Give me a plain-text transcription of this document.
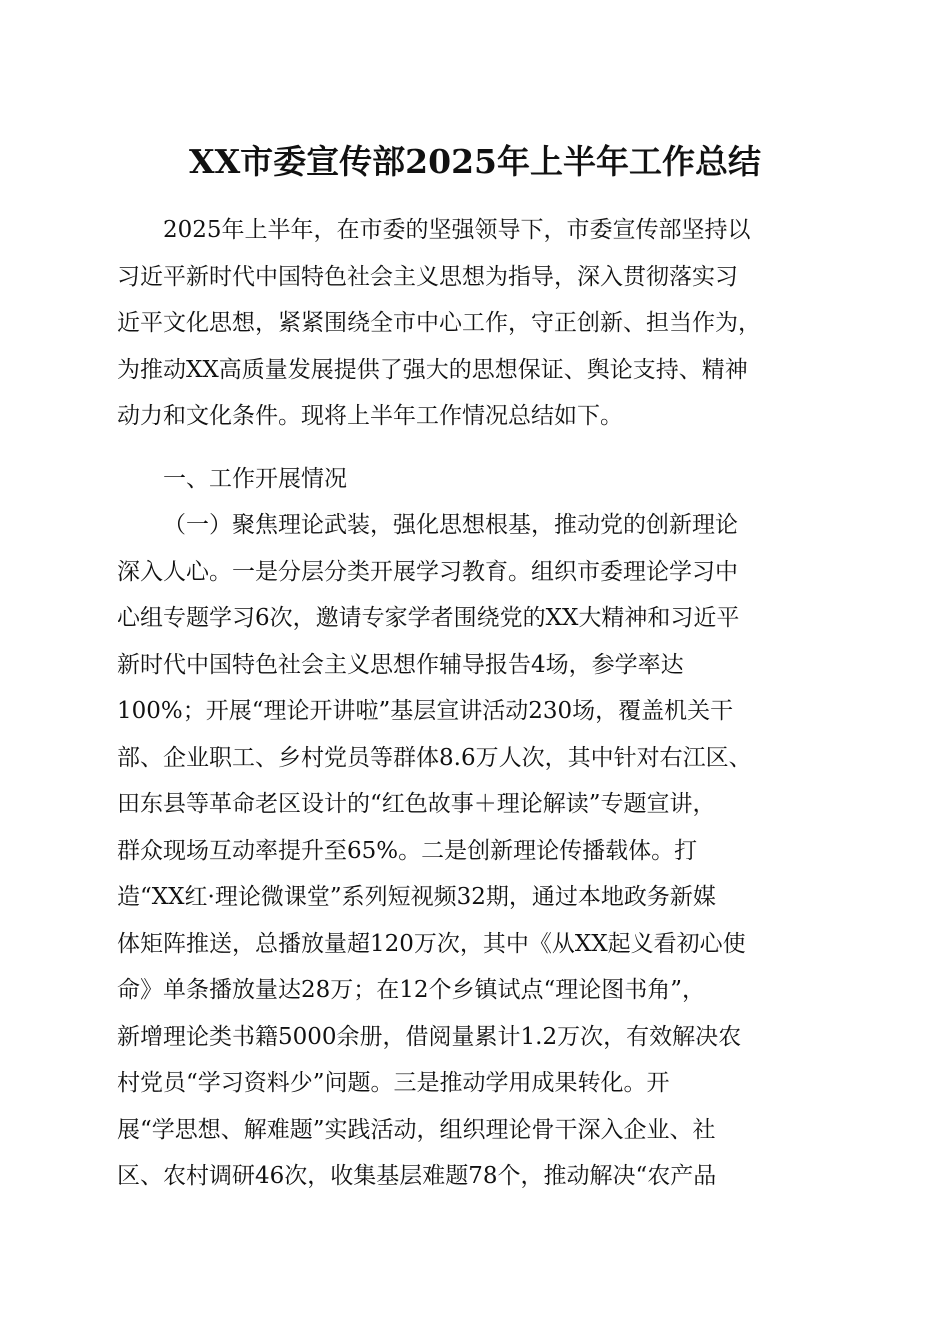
XX市委宣传部2025年上半年工作总结
2025年上半年，在市委的坚强领导下，市委宣传部坚持以
习近平新时代中国特色社会主义思想为指导，深入贯彻落实习
近平文化思想，紧紧围绕全市中心工作，守正创新、担当作为，
为推动XX高质量发展提供了强大的思想保证、舆论支持、精神
动力和文化条件。现将上半年工作情况总结如下。
一、工作开展情况
（一）聚焦理论武装，强化思想根基，推动党的创新理论
深入人心。一是分层分类开展学习教育。组织市委理论学习中
心组专题学习6次，邀请专家学者围绕党的XX大精神和习近平
新时代中国特色社会主义思想作辅导报告4场，参学率达
100%；开展“理论开讲啦”基层宣讲活动230场，覆盖机关干
部、企业职工、乡村党员等群体8.6万人次，其中针对右江区、
田东县等革命老区设计的“红色故事＋理论解读”专题宣讲，
群众现场互动率提升至65%。二是创新理论传播载体。打
造“XX红·理论微课堂”系列短视频32期，通过本地政务新媒
体矩阵推送，总播放量超120万次，其中《从XX起义看初心使
命》单条播放量达28万；在12个乡镇试点“理论图书角”，
新增理论类书籍5000余册，借阅量累计1.2万次，有效解决农
村党员“学习资料少”问题。三是推动学用成果转化。开
展“学思想、解难题”实践活动，组织理论骨干深入企业、社
区、农村调研46次，收集基层难题78个，推动解决“农产品
